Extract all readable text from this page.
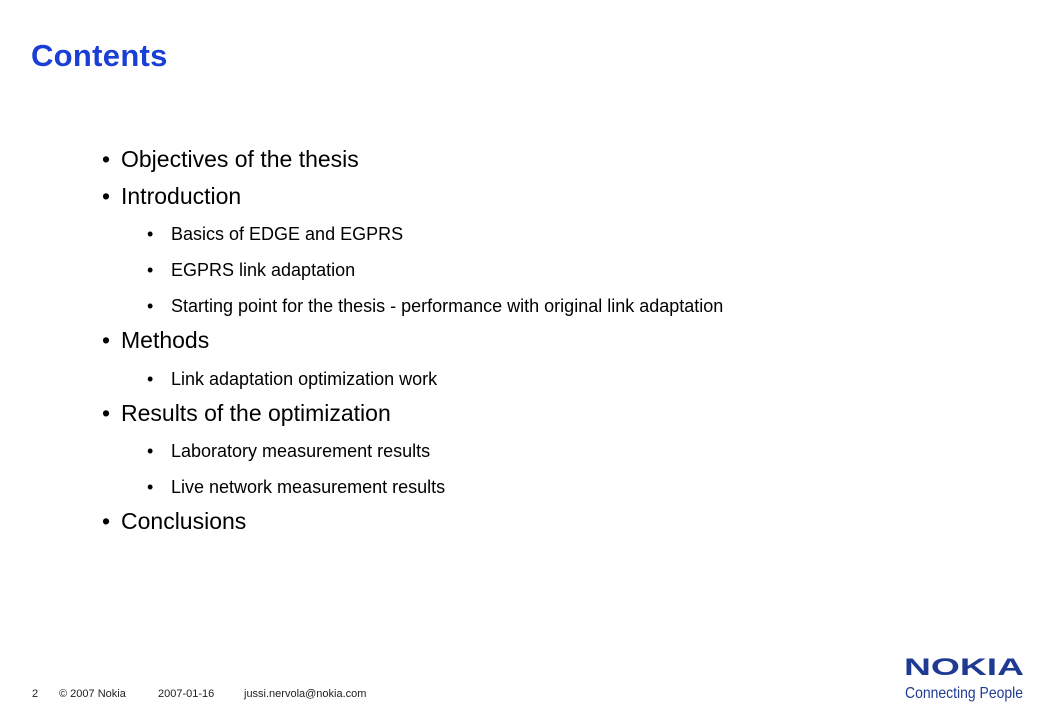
Contents
• Objectives of the thesis
• Introduction
• Basics of EDGE and EGPRS
• EGPRS link adaptation
• Starting point for the thesis - performance with original link adaptation
• Methods
• Link adaptation optimization work
• Results of the optimization
• Laboratory measurement results
• Live network measurement results
• Conclusions
2 © 2007 Nokia	2007-01-16	jussi.nervola@nokia.com
NOKIA
Connecting People
